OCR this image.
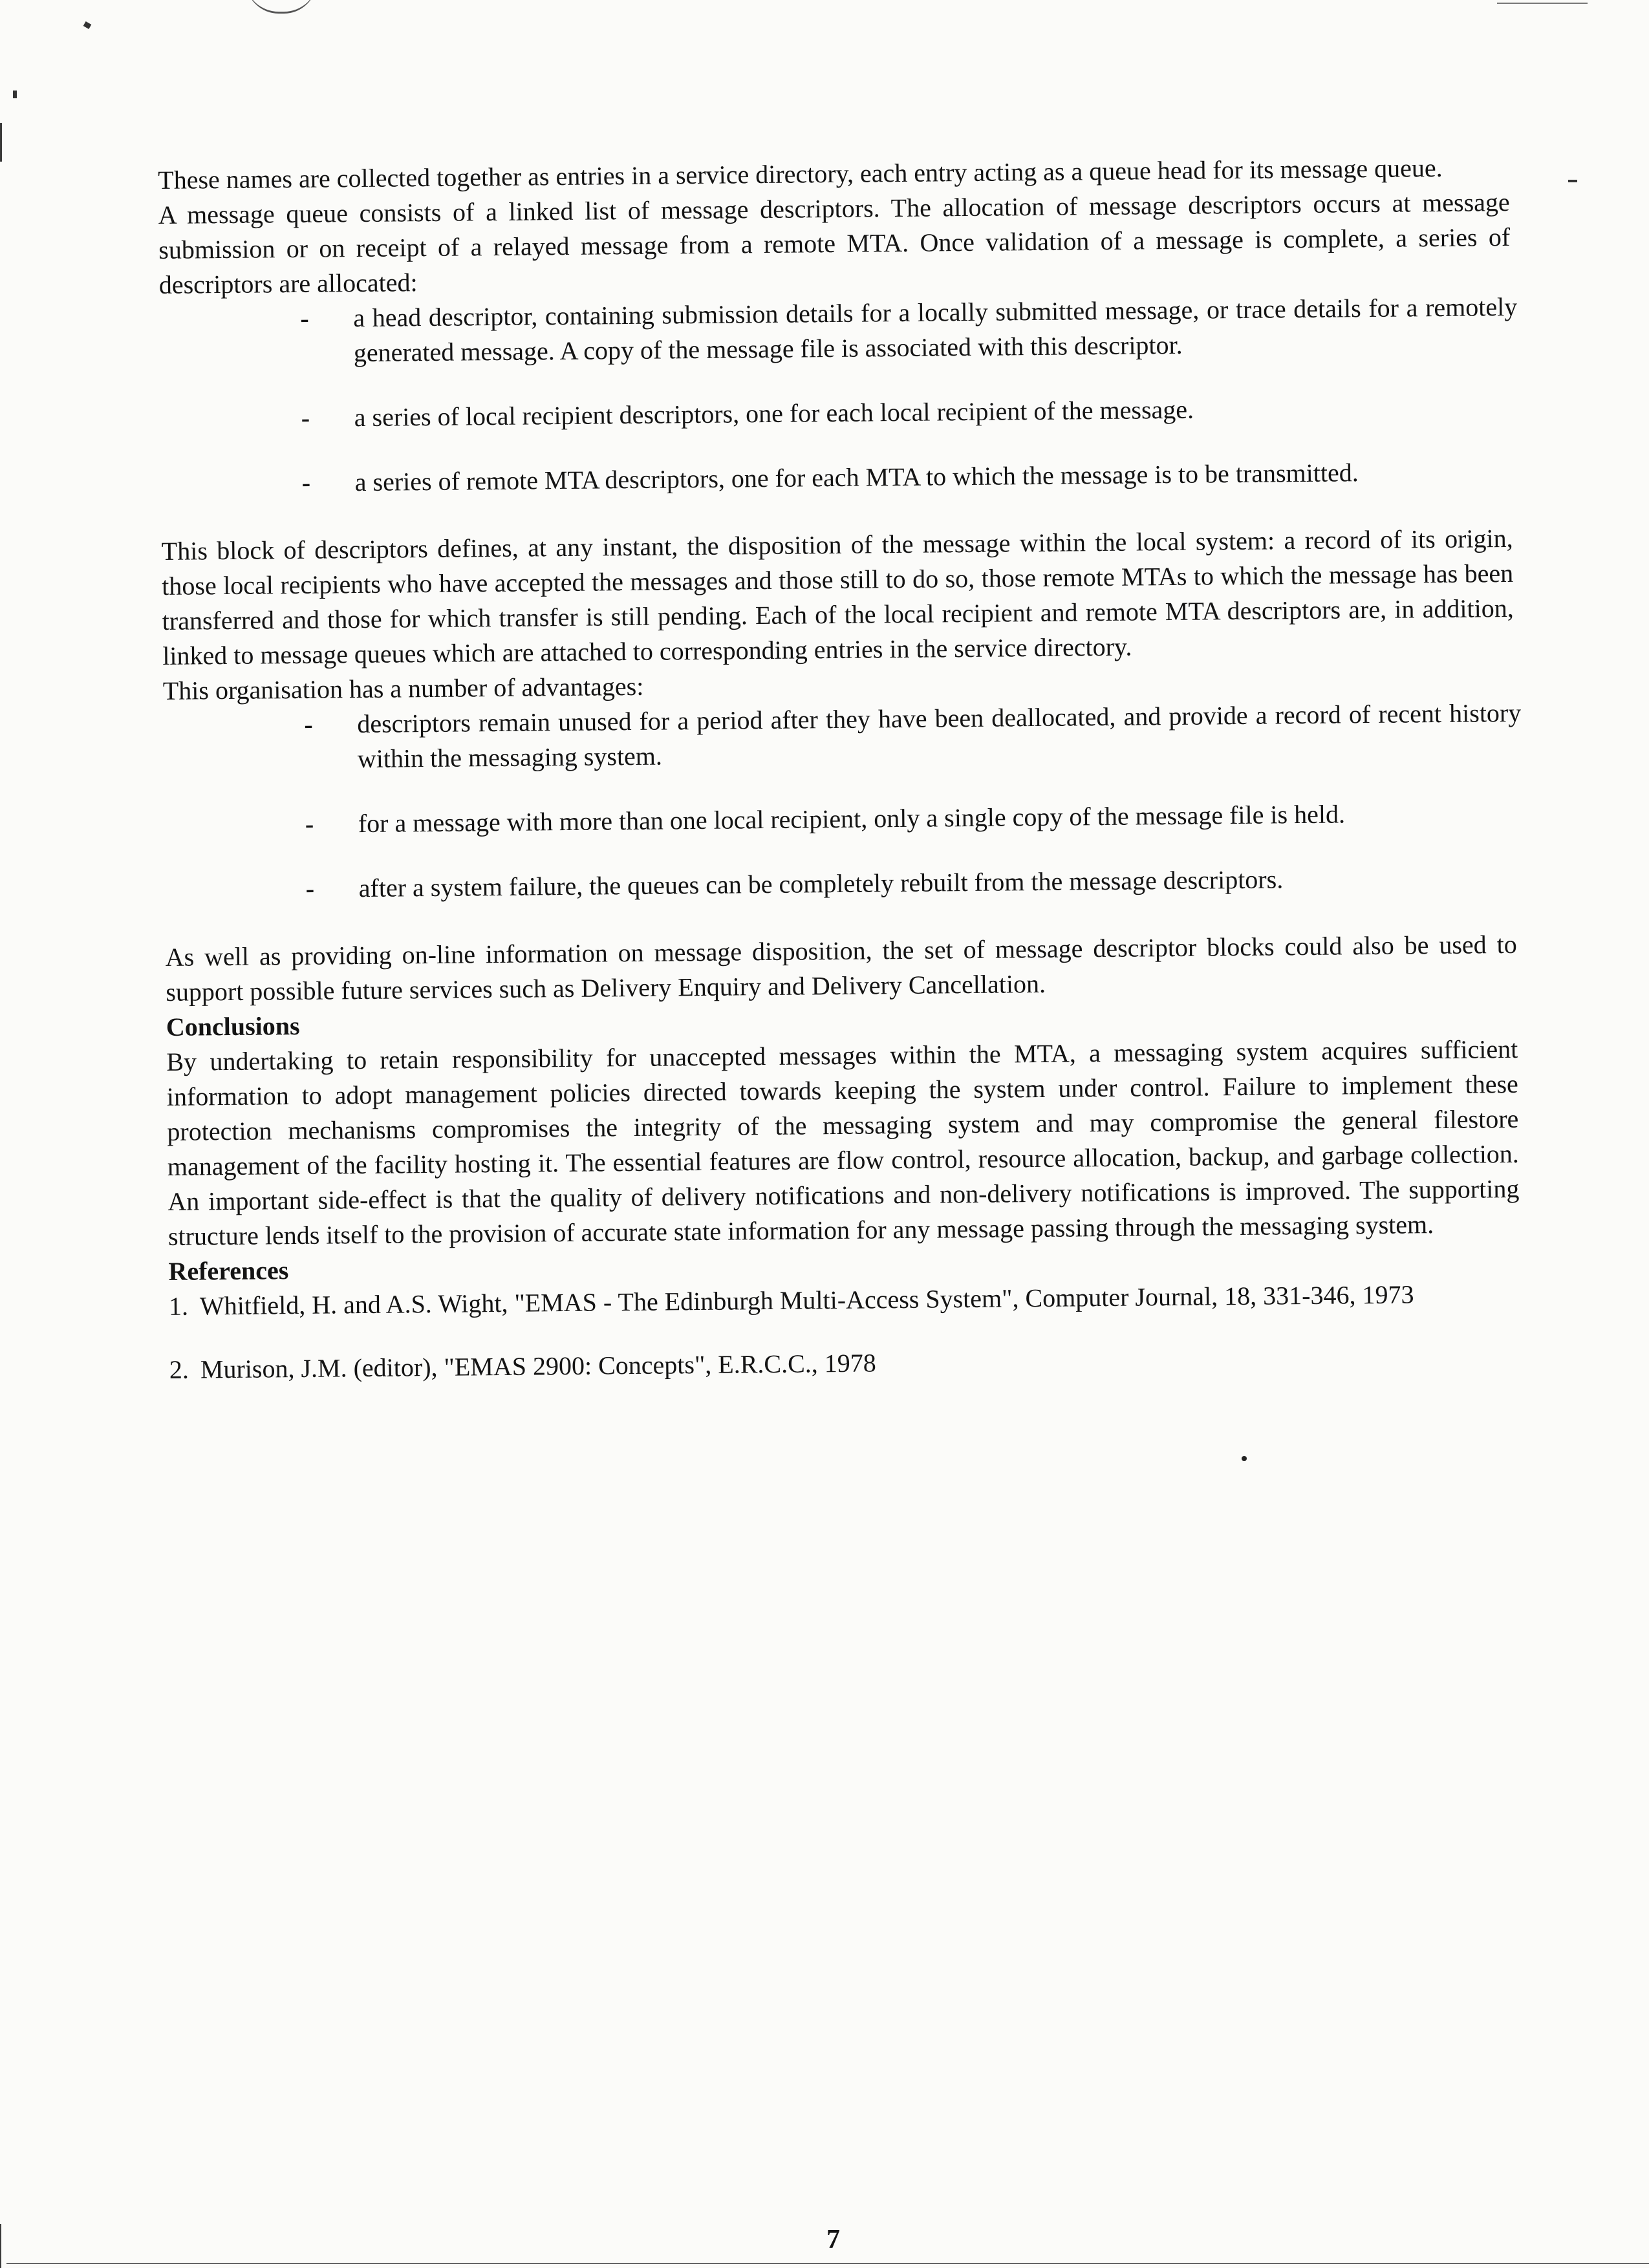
These names are collected together as entries in a service directory, each entry acting as a queue head for its message queue.

A message queue consists of a linked list of message descriptors. The allocation of message descriptors occurs at message submission or on receipt of a relayed message from a remote MTA. Once validation of a message is complete, a series of descriptors are allocated:

- a head descriptor, containing submission details for a locally submitted message, or trace details for a remotely generated message. A copy of the message file is associated with this descriptor.
- a series of local recipient descriptors, one for each local recipient of the message.
- a series of remote MTA descriptors, one for each MTA to which the message is to be transmitted.

This block of descriptors defines, at any instant, the disposition of the message within the local system: a record of its origin, those local recipients who have accepted the messages and those still to do so, those remote MTAs to which the message has been transferred and those for which transfer is still pending. Each of the local recipient and remote MTA descriptors are, in addition, linked to message queues which are attached to corresponding entries in the service directory.

This organisation has a number of advantages:

- descriptors remain unused for a period after they have been deallocated, and provide a record of recent history within the messaging system.
- for a message with more than one local recipient, only a single copy of the message file is held.
- after a system failure, the queues can be completely rebuilt from the message descriptors.

As well as providing on-line information on message disposition, the set of message descriptor blocks could also be used to support possible future services such as Delivery Enquiry and Delivery Cancellation.

Conclusions

By undertaking to retain responsibility for unaccepted messages within the MTA, a messaging system acquires sufficient information to adopt management policies directed towards keeping the system under control. Failure to implement these protection mechanisms compromises the integrity of the messaging system and may compromise the general filestore management of the facility hosting it. The essential features are flow control, resource allocation, backup, and garbage collection. An important side-effect is that the quality of delivery notifications and non-delivery notifications is improved. The supporting structure lends itself to the provision of accurate state information for any message passing through the messaging system.

References
1. Whitfield, H. and A.S. Wight, "EMAS - The Edinburgh Multi-Access System", Computer Journal, 18, 331-346, 1973
2. Murison, J.M. (editor), "EMAS 2900: Concepts", E.R.C.C., 1978
7
